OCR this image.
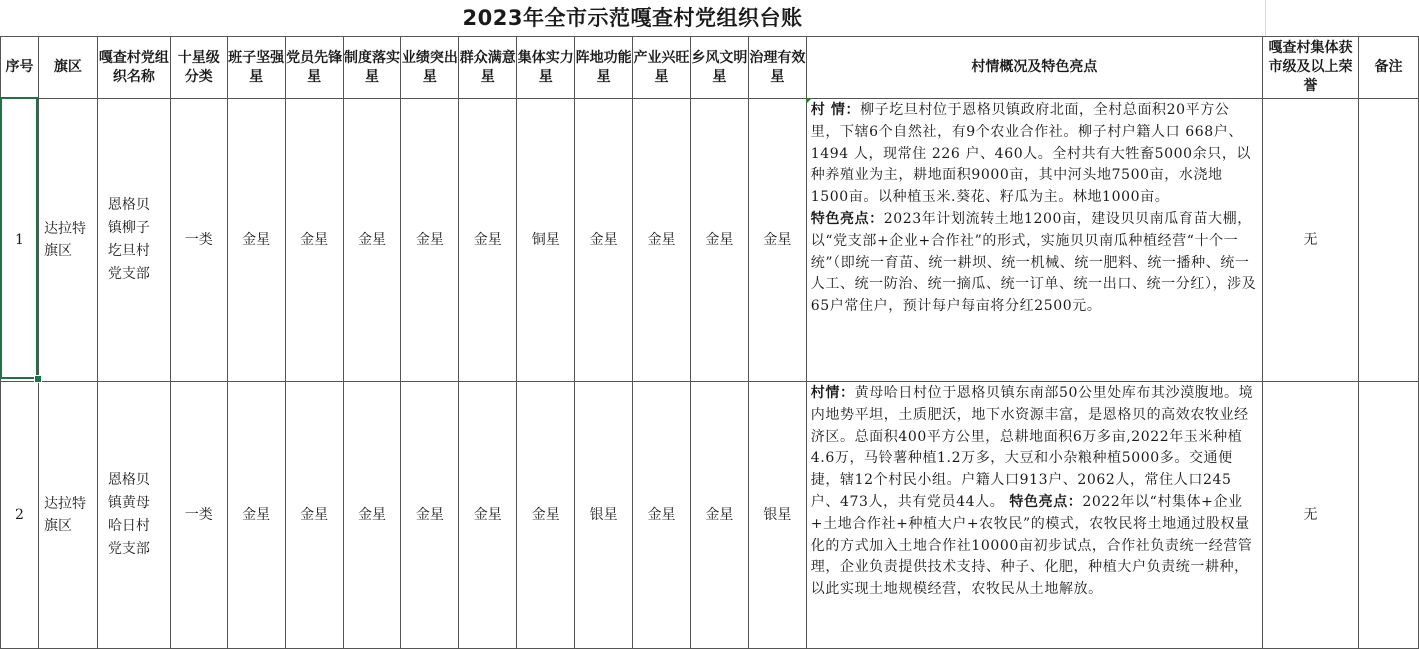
2023年全市示范嘎查村党组织台账
序号	旗区	嘎查村党组织名称	十星级分类	班子坚强星	党员先锋星	制度落实星	业绩突出星	群众满意星	集体实力星	阵地功能星	产业兴旺星	乡风文明星	治理有效星	村情概况及特色亮点	嘎查村集体获市级及以上荣誉	备注
1	达拉特旗区	恩格贝镇柳子圪旦村党支部	一类	金星	金星	金星	金星	金星	铜星	金星	金星	金星	金星	村 情：柳子圪旦村位于恩格贝镇政府北面，全村总面积20平方公里，下辖6个自然社，有9个农业合作社。柳子村户籍人口 668户、1494 人，现常住 226 户、460人。全村共有大牲畜5000余只，以种养殖业为主，耕地面积9000亩，其中河头地7500亩，水浇地1500亩。以种植玉米.葵花、籽瓜为主。林地1000亩。
特色亮点：2023年计划流转土地1200亩，建设贝贝南瓜育苗大棚，以“党支部+企业+合作社”的形式，实施贝贝南瓜种植经营“十个一统”（即统一育苗、统一耕坝、统一机械、统一肥料、统一播种、统一人工、统一防治、统一摘瓜、统一订单、统一出口、统一分红），涉及65户常住户，预计每户每亩将分红2500元。	无	
2	达拉特旗区	恩格贝镇黄母哈日村党支部	一类	金星	金星	金星	金星	金星	金星	银星	金星	金星	银星	村情：黄母哈日村位于恩格贝镇东南部50公里处库布其沙漠腹地。境内地势平坦，土质肥沃，地下水资源丰富，是恩格贝的高效农牧业经济区。总面积400平方公里，总耕地面积6万多亩,2022年玉米种植4.6万，马铃薯种植1.2万多，大豆和小杂粮种植5000多。交通便捷，辖12个村民小组。户籍人口913户、2062人，常住人口245户、473人，共有党员44人。 特色亮点：2022年以“村集体+企业+土地合作社+种植大户+农牧民”的模式，农牧民将土地通过股权量化的方式加入土地合作社10000亩初步试点，合作社负责统一经营管理，企业负责提供技术支持、种子、化肥，种植大户负责统一耕种，以此实现土地规模经营，农牧民从土地解放。	无	
